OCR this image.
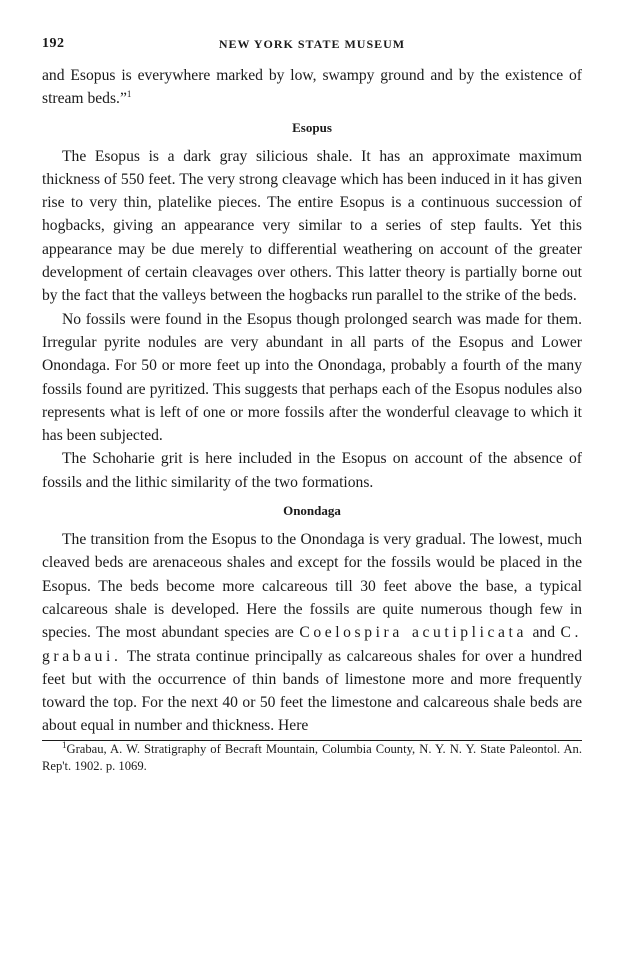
192	NEW YORK STATE MUSEUM

and Esopus is everywhere marked by low, swampy ground and by the existence of stream beds.”$^1$

Esopus

The Esopus is a dark gray silicious shale. It has an approximate maximum thickness of 550 feet. The very strong cleavage which has been induced in it has given rise to very thin, platelike pieces. The entire Esopus is a continuous succession of hogbacks, giving an appearance very similar to a series of step faults. Yet this appearance may be due merely to differential weathering on account of the greater development of certain cleavages over others. This latter theory is partially borne out by the fact that the valleys between the hogbacks run parallel to the strike of the beds.

No fossils were found in the Esopus though prolonged search was made for them. Irregular pyrite nodules are very abundant in all parts of the Esopus and Lower Onondaga. For 50 or more feet up into the Onondaga, probably a fourth of the many fossils found are pyritized. This suggests that perhaps each of the Esopus nodules also represents what is left of one or more fossils after the wonderful cleavage to which it has been subjected.

The Schoharie grit is here included in the Esopus on account of the absence of fossils and the lithic similarity of the two formations.

Onondaga

The transition from the Esopus to the Onondaga is very gradual. The lowest, much cleaved beds are arenaceous shales and except for the fossils would be placed in the Esopus. The beds become more calcareous till 30 feet above the base, a typical calcareous shale is developed. Here the fossils are quite numerous though few in species. The most abundant species are Coelospira acutiplicata and C. grabaui. The strata continue principally as calcareous shales for over a hundred feet but with the occurrence of thin bands of limestone more and more frequently toward the top. For the next 40 or 50 feet the limestone and calcareous shale beds are about equal in number and thickness. Here

$^1$Grabau, A. W. Stratigraphy of Becraft Mountain, Columbia County, N. Y. N. Y. State Paleontol. An. Rep't. 1902. p. 1069.
